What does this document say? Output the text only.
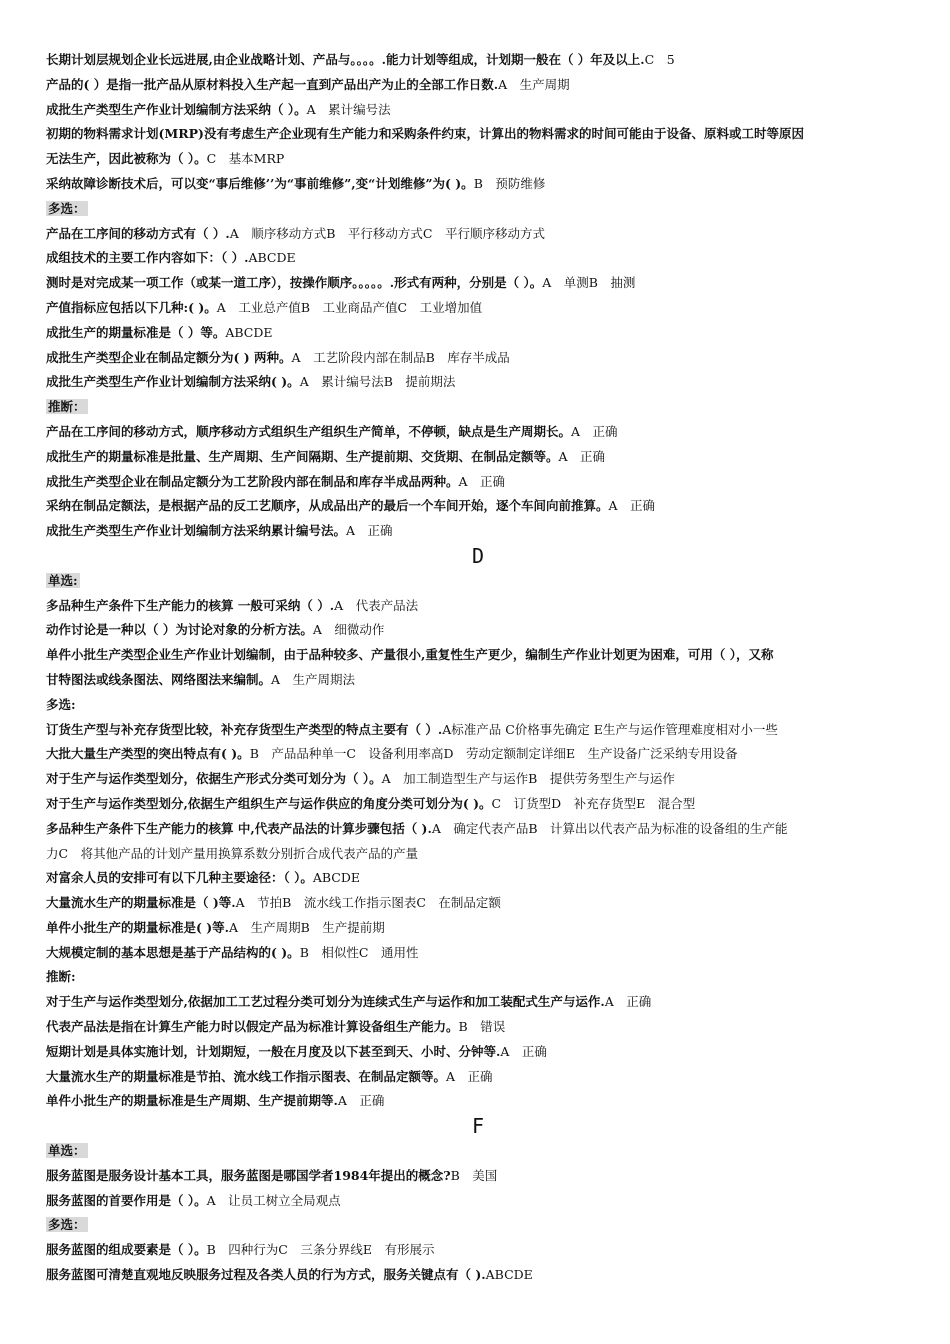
长期计划层规划企业长远进展,由企业战略计划、产品与。。。。.能力计划等组成，计划期一般在（ ）年及以上.C　5
产品的( ）是指一批产品从原材料投入生产起一直到产品出产为止的全部工作日数.A　生产周期
成批生产类型生产作业计划编制方法采纳（ ）。A　累计编号法
初期的物料需求计划(MRP)没有考虑生产企业现有生产能力和采购条件约束，计算出的物料需求的时间可能由于设备、原料或工时等原因
无法生产，因此被称为（ ）。C　基本MRP
采纳故障诊断技术后，可以变“事后维修’’为“事前维修”,变“计划维修”为( )。B　预防维修
多选：
产品在工序间的移动方式有（ ）.A　顺序移动方式B　平行移动方式C　平行顺序移动方式
成组技术的主要工作内容如下：（ ）.ABCDE
测时是对完成某一项工作（或某一道工序），按操作顺序。。。。。.形式有两种，分别是（ ）。A　单测B　抽测
产值指标应包括以下几种:( )。A　工业总产值B　工业商品产值C　工业增加值
成批生产的期量标准是（ ）等。ABCDE
成批生产类型企业在制品定额分为( ) 两种。A　工艺阶段内部在制品B　库存半成品
成批生产类型生产作业计划编制方法采纳( )。A　累计编号法B　提前期法
推断：
产品在工序间的移动方式，顺序移动方式组织生产组织生产简单，不停顿，缺点是生产周期长。A　正确
成批生产的期量标准是批量、生产周期、生产间隔期、生产提前期、交货期、在制品定额等。A　正确
成批生产类型企业在制品定额分为工艺阶段内部在制品和库存半成品两种。A　正确
采纳在制品定额法，是根据产品的反工艺顺序，从成品出产的最后一个车间开始，逐个车间向前推算。A　正确
成批生产类型生产作业计划编制方法采纳累计编号法。A　正确
D
单选:
多品种生产条件下生产能力的核算 一般可采纳（ ）.A　代表产品法
动作讨论是一种以（ ）为讨论对象的分析方法。A　细微动作
单件小批生产类型企业生产作业计划编制，由于品种较多、产量很小,重复性生产更少，编制生产作业计划更为困难，可用（ ），又称
甘特图法或线条图法、网络图法来编制。A　生产周期法
多选:
订货生产型与补充存货型比较，补充存货型生产类型的特点主要有（ ）.A标准产品 C价格事先确定 E生产与运作管理难度相对小一些
大批大量生产类型的突出特点有( )。B　产品品种单一C　设备利用率高D　劳动定额制定详细E　生产设备广泛采纳专用设备
对于生产与运作类型划分，依据生产形式分类可划分为（ ）。A　加工制造型生产与运作B　提供劳务型生产与运作
对于生产与运作类型划分,依据生产组织生产与运作供应的角度分类可划分为( )。C　订货型D　补充存货型E　混合型
多品种生产条件下生产能力的核算 中,代表产品法的计算步骤包括（ ).A　确定代表产品B　计算出以代表产品为标准的设备组的生产能
力C　将其他产品的计划产量用换算系数分别折合成代表产品的产量
对富余人员的安排可有以下几种主要途径：（ ）。ABCDE
大量流水生产的期量标准是（ )等.A　节拍B　流水线工作指示图表C　在制品定额
单件小批生产的期量标准是( )等.A　生产周期B　生产提前期
大规模定制的基本思想是基于产品结构的( )。B　相似性C　通用性
推断:
对于生产与运作类型划分,依据加工工艺过程分类可划分为连续式生产与运作和加工装配式生产与运作.A　正确
代表产品法是指在计算生产能力时以假定产品为标准计算设备组生产能力。B　错误
短期计划是具体实施计划，计划期短，一般在月度及以下甚至到天、小时、分钟等.A　正确
大量流水生产的期量标准是节拍、流水线工作指示图表、在制品定额等。A　正确
单件小批生产的期量标准是生产周期、生产提前期等.A　正确
F
单选：
服务蓝图是服务设计基本工具，服务蓝图是哪国学者1984年提出的概念?B　美国
服务蓝图的首要作用是（ ）。A　让员工树立全局观点
多选：
服务蓝图的组成要素是（ ）。B　四种行为C　三条分界线E　有形展示
服务蓝图可清楚直观地反映服务过程及各类人员的行为方式，服务关键点有（ ).ABCDE
